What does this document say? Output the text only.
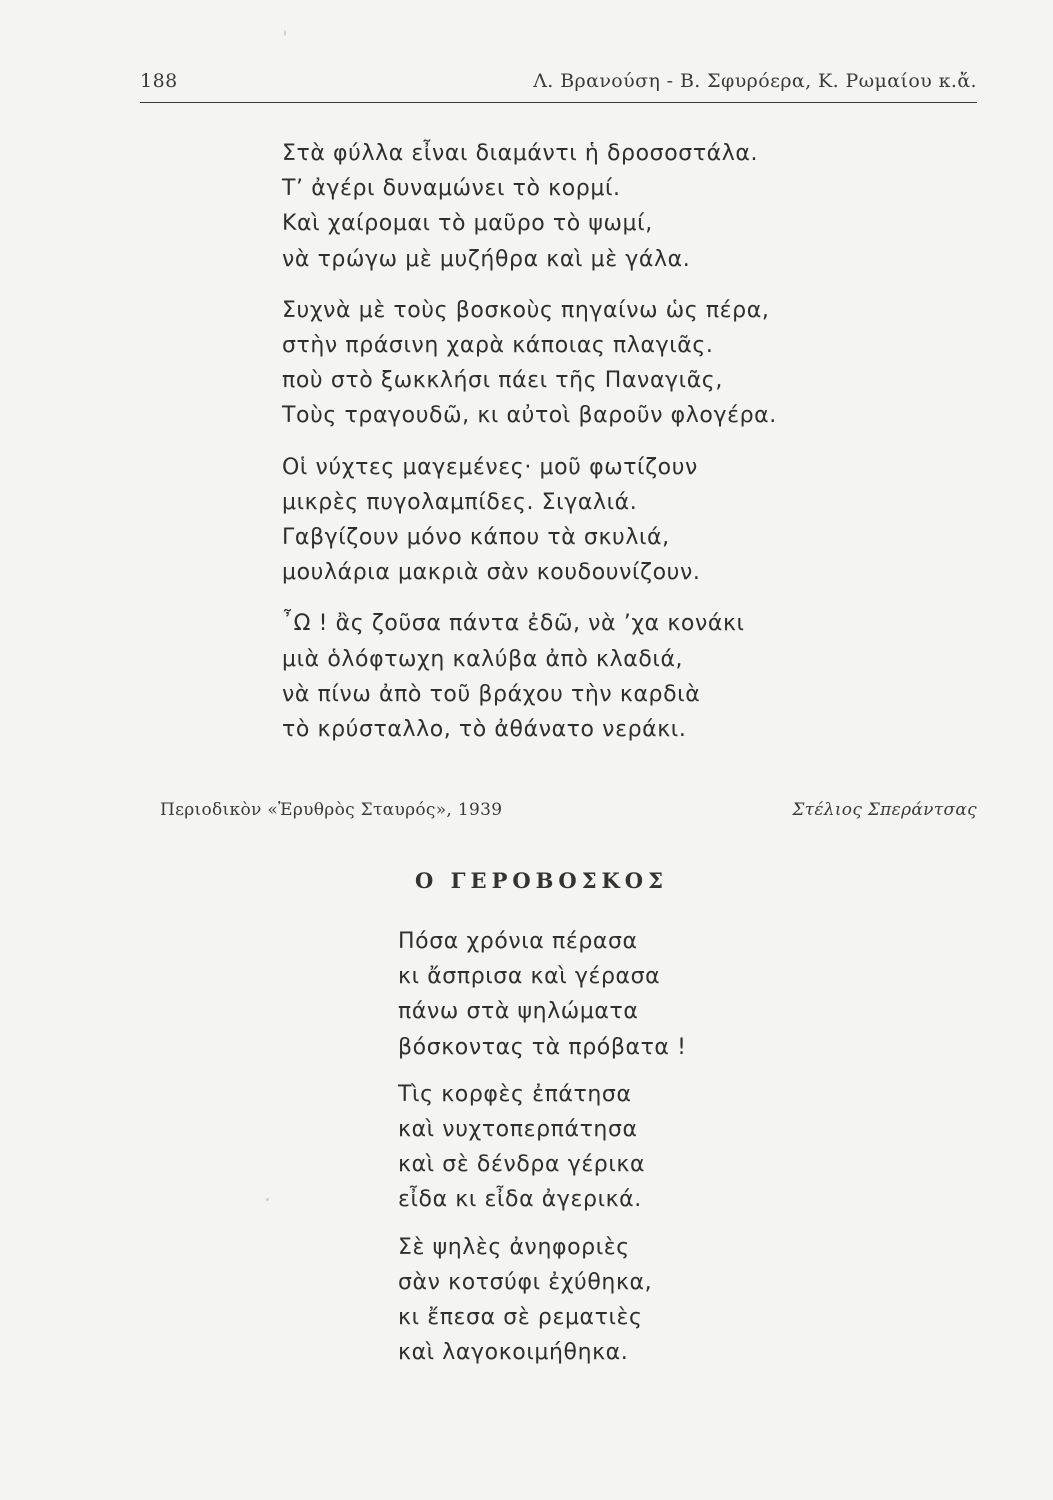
188	Λ. Βρανούση - Β. Σφυρόερα, Κ. Ρωμαίου κ.ἄ.
Στὰ φύλλα εἶναι διαμάντι ἡ δροσοστάλα.
Τ’ ἀγέρι δυναμώνει τὸ κορμί.
Καὶ χαίρομαι τὸ μαῦρο τὸ ψωμί,
νὰ τρώγω μὲ μυζήθρα καὶ μὲ γάλα.
Συχνὰ μὲ τοὺς βοσκοὺς πηγαίνω ὡς πέρα,
στὴν πράσινη χαρὰ κάποιας πλαγιᾶς.
ποὺ στὸ ξωκκλήσι πάει τῆς Παναγιᾶς,
Τοὺς τραγουδῶ, κι αὐτοὶ βαροῦν φλογέρα.
Οἱ νύχτες μαγεμένες· μοῦ φωτίζουν
μικρὲς πυγολαμπίδες. Σιγαλιά.
Γαβγίζουν μόνο κάπου τὰ σκυλιά,
μουλάρια μακριὰ σὰν κουδουνίζουν.
῏Ω ! ἂς ζοῦσα πάντα ἐδῶ, νὰ ’χα κονάκι
μιὰ ὁλόφτωχη καλύβα ἀπὸ κλαδιά,
νὰ πίνω ἀπὸ τοῦ βράχου τὴν καρδιὰ
τὸ κρύσταλλο, τὸ ἀθάνατο νεράκι.
Περιοδικὸν «Ἐρυθρὸς Σταυρός», 1939	Στέλιος Σπεράντσας
Ο ΓΕΡΟΒΟΣΚΟΣ
Πόσα χρόνια πέρασα
κι ἄσπρισα καὶ γέρασα
πάνω στὰ ψηλώματα
βόσκοντας τὰ πρόβατα !
Τὶς κορφὲς ἐπάτησα
καὶ νυχτοπερπάτησα
καὶ σὲ δένδρα γέρικα
εἶδα κι εἶδα ἀγερικά.
Σὲ ψηλὲς ἀνηφοριὲς
σὰν κοτσύφι ἐχύθηκα,
κι ἔπεσα σὲ ρεματιὲς
καὶ λαγοκοιμήθηκα.
